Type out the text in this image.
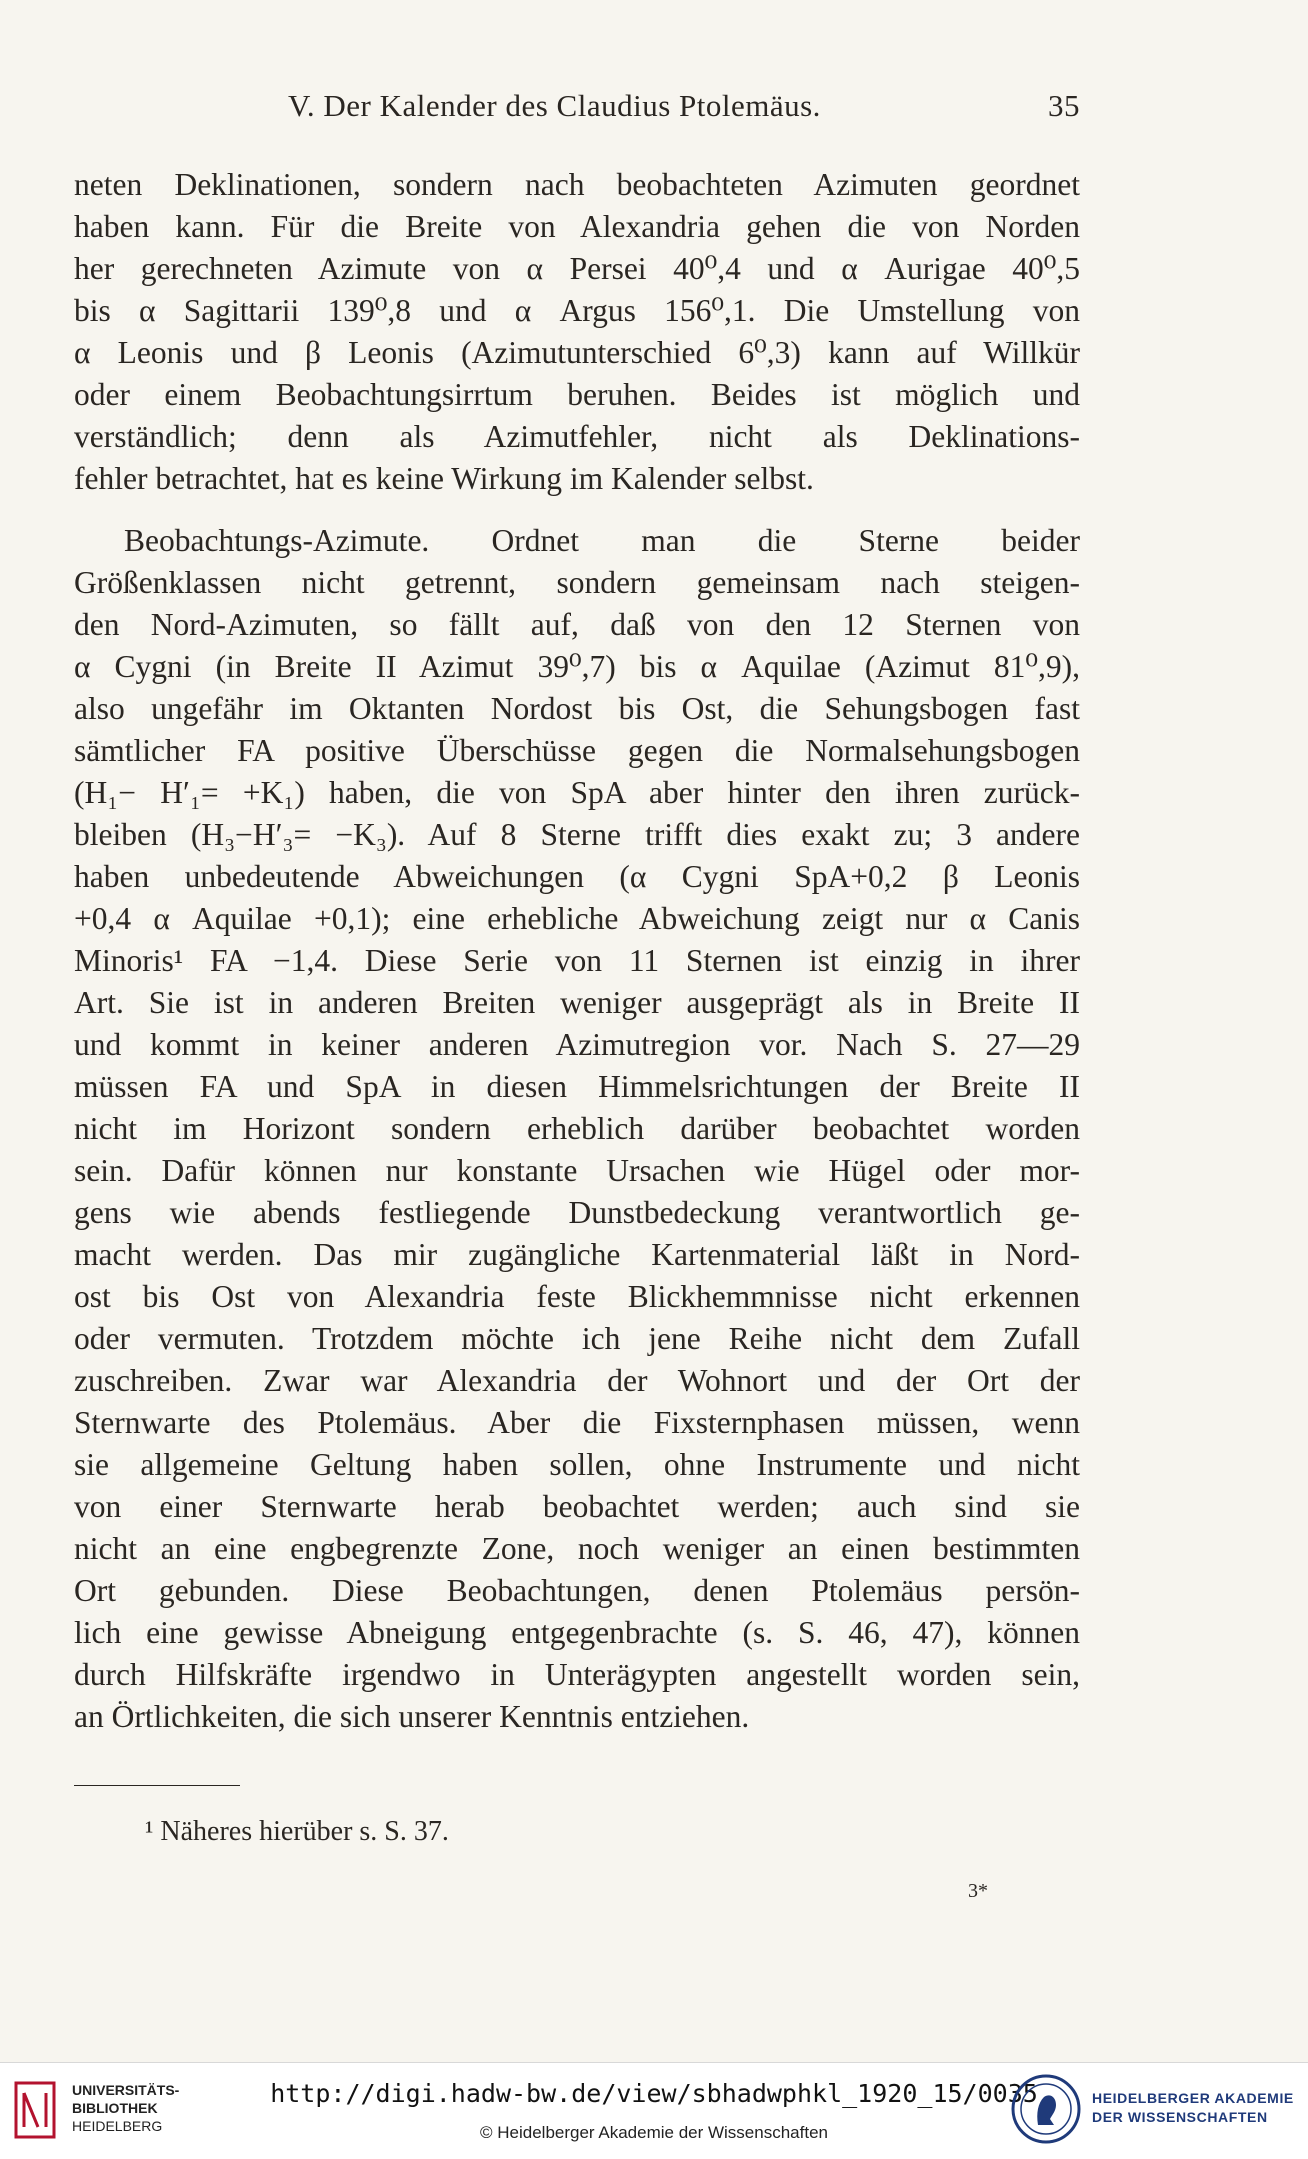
V. Der Kalender des Claudius Ptolemäus.	35

neten Deklinationen, sondern nach beobachteten Azimuten geordnet
haben kann. Für die Breite von Alexandria gehen die von Norden
her gerechneten Azimute von α Persei 40⁰,4 und α Aurigae 40⁰,5
bis α Sagittarii 139⁰,8 und α Argus 156⁰,1. Die Umstellung von
α Leonis und β Leonis (Azimutunterschied 6⁰,3) kann auf Willkür
oder einem Beobachtungsirrtum beruhen. Beides ist möglich und
verständlich; denn als Azimutfehler, nicht als Deklinations-
fehler betrachtet, hat es keine Wirkung im Kalender selbst.

Beobachtungs-Azimute. Ordnet man die Sterne beider
Größenklassen nicht getrennt, sondern gemeinsam nach steigen-
den Nord-Azimuten, so fällt auf, daß von den 12 Sternen von
α Cygni (in Breite II Azimut 39⁰,7) bis α Aquilae (Azimut 81⁰,9),
also ungefähr im Oktanten Nordost bis Ost, die Sehungsbogen fast
sämtlicher FA positive Überschüsse gegen die Normalsehungsbogen
(H₁− H′₁= +K₁) haben, die von SpA aber hinter den ihren zurück-
bleiben (H₃−H′₃= −K₃). Auf 8 Sterne trifft dies exakt zu; 3 andere
haben unbedeutende Abweichungen (α Cygni SpA+0,2 β Leonis
+0,4 α Aquilae +0,1); eine erhebliche Abweichung zeigt nur α Canis
Minoris¹ FA −1,4. Diese Serie von 11 Sternen ist einzig in ihrer
Art. Sie ist in anderen Breiten weniger ausgeprägt als in Breite II
und kommt in keiner anderen Azimutregion vor. Nach S. 27—29
müssen FA und SpA in diesen Himmelsrichtungen der Breite II
nicht im Horizont sondern erheblich darüber beobachtet worden
sein. Dafür können nur konstante Ursachen wie Hügel oder mor-
gens wie abends festliegende Dunstbedeckung verantwortlich ge-
macht werden. Das mir zugängliche Kartenmaterial läßt in Nord-
ost bis Ost von Alexandria feste Blickhemmnisse nicht erkennen
oder vermuten. Trotzdem möchte ich jene Reihe nicht dem Zufall
zuschreiben. Zwar war Alexandria der Wohnort und der Ort der
Sternwarte des Ptolemäus. Aber die Fixsternphasen müssen, wenn
sie allgemeine Geltung haben sollen, ohne Instrumente und nicht
von einer Sternwarte herab beobachtet werden; auch sind sie
nicht an eine engbegrenzte Zone, noch weniger an einen bestimmten
Ort gebunden. Diese Beobachtungen, denen Ptolemäus persön-
lich eine gewisse Abneigung entgegenbrachte (s. S. 46, 47), können
durch Hilfskräfte irgendwo in Unterägypten angestellt worden sein,
an Örtlichkeiten, die sich unserer Kenntnis entziehen.

¹ Näheres hierüber s. S. 37.
3*
UNIVERSITÄTS-
BIBLIOTHEK
HEIDELBERG
http://digi.hadw-bw.de/view/sbhadwphkl_1920_15/0035
© Heidelberger Akademie der Wissenschaften
HEIDELBERGER AKADEMIE
DER WISSENSCHAFTEN
